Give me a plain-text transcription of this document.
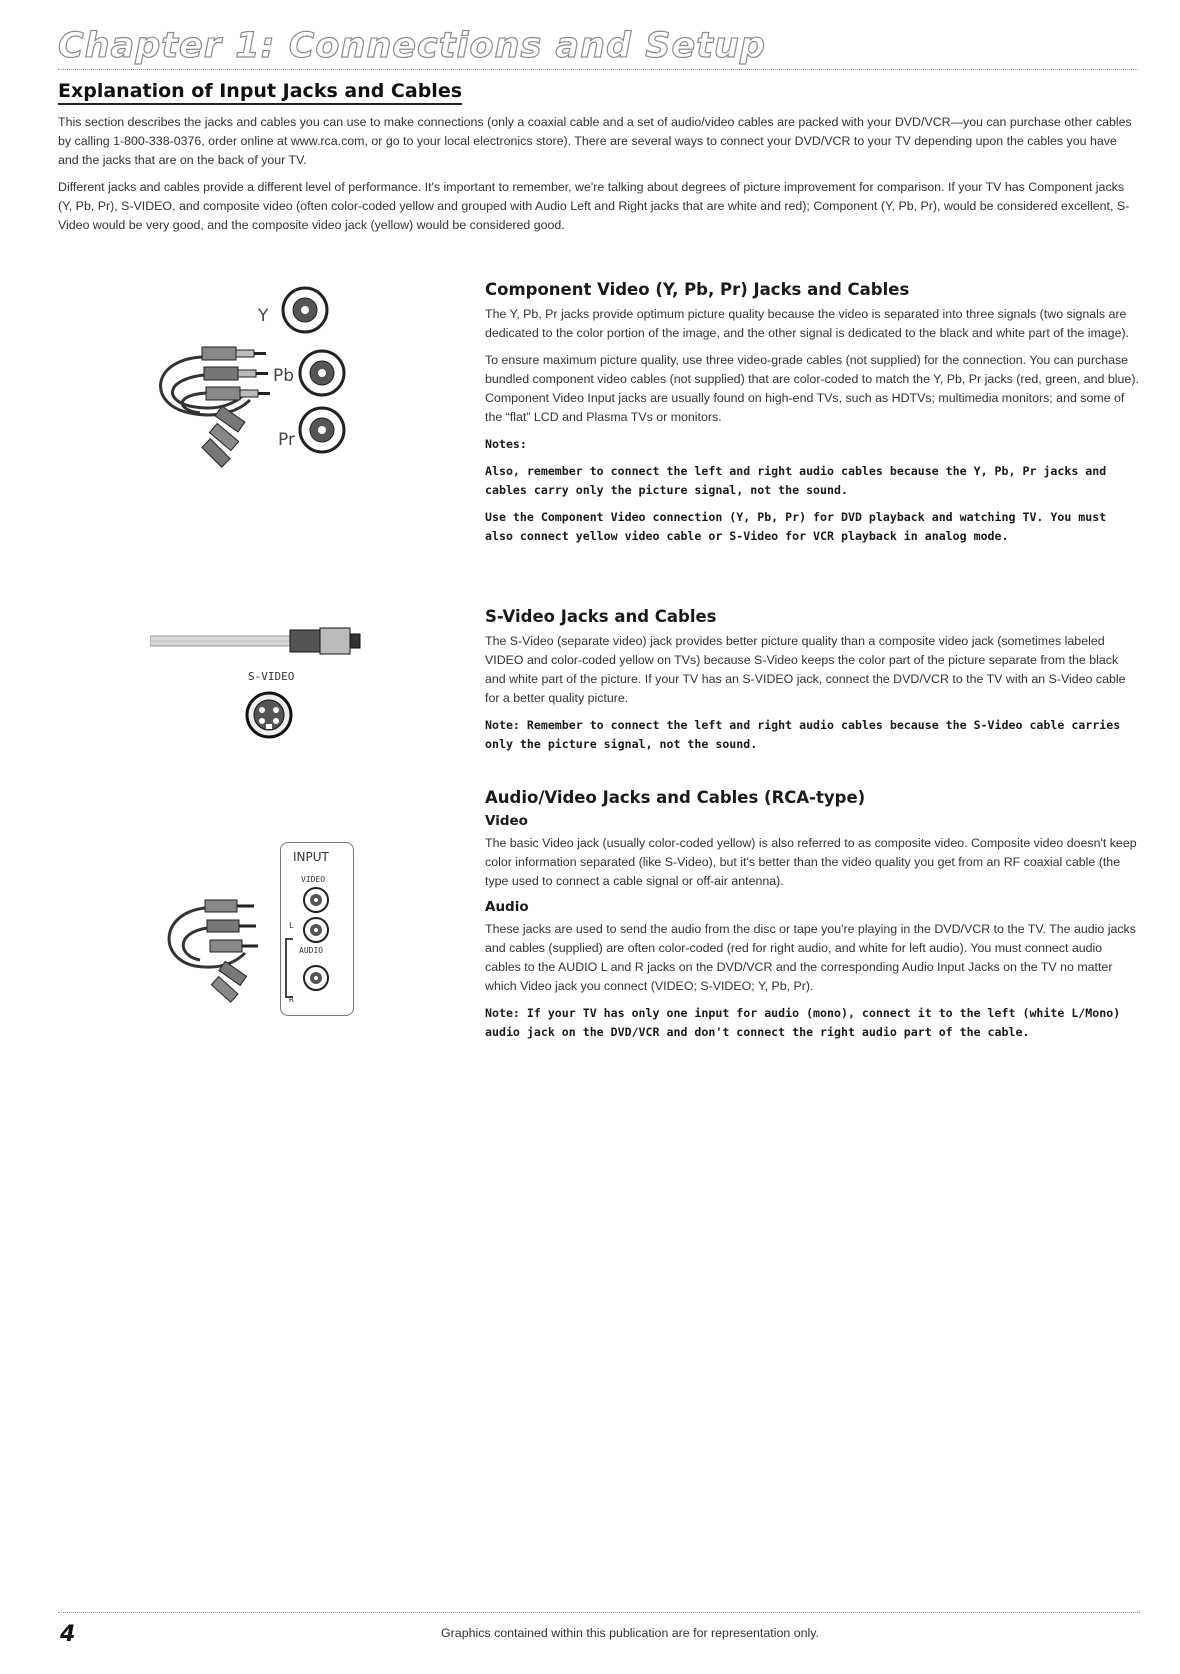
Chapter 1: Connections and Setup
Explanation of Input Jacks and Cables

This section describes the jacks and cables you can use to make connections (only a coaxial cable and a set of audio/video cables are packed with your DVD/VCR—you can purchase other cables by calling 1-800-338-0376, order online at www.rca.com, or go to your local electronics store). There are several ways to connect your DVD/VCR to your TV depending upon the cables you have and the jacks that are on the back of your TV.

Different jacks and cables provide a different level of performance. It's important to remember, we're talking about degrees of picture improvement for comparison. If your TV has Component jacks (Y, Pb, Pr), S-VIDEO, and composite video (often color-coded yellow and grouped with Audio Left and Right jacks that are white and red); Component (Y, Pb, Pr), would be considered excellent, S-Video would be very good, and the composite video jack (yellow) would be considered good.

Y
Pb
Pr
S-VIDEO
INPUT
VIDEO
L
AUDIO
R
Component Video (Y, Pb, Pr) Jacks and Cables

The Y, Pb, Pr jacks provide optimum picture quality because the video is separated into three signals (two signals are dedicated to the color portion of the image, and the other signal is dedicated to the black and white part of the image).

To ensure maximum picture quality, use three video-grade cables (not supplied) for the connection. You can purchase bundled component video cables (not supplied) that are color-coded to match the Y, Pb, Pr jacks (red, green, and blue). Component Video Input jacks are usually found on high-end TVs, such as HDTVs; multimedia monitors; and some of the “flat” LCD and Plasma TVs or monitors.

Notes:

Also, remember to connect the left and right audio cables because the Y, Pb, Pr jacks and cables carry only the picture signal, not the sound.

Use the Component Video connection (Y, Pb, Pr) for DVD playback and watching TV. You must also connect yellow video cable or S-Video for VCR playback in analog mode.

S-Video Jacks and Cables

The S-Video (separate video) jack provides better picture quality than a composite video jack (sometimes labeled VIDEO and color-coded yellow on TVs) because S-Video keeps the color part of the picture separate from the black and white part of the picture. If your TV has an S-VIDEO jack, connect the DVD/VCR to the TV with an S-Video cable for a better quality picture.

Note: Remember to connect the left and right audio cables because the S-Video cable carries only the picture signal, not the sound.

Audio/Video Jacks and Cables (RCA-type)
Video

The basic Video jack (usually color-coded yellow) is also referred to as composite video. Composite video doesn't keep color information separated (like S-Video), but it's better than the video quality you get from an RF coaxial cable (the type used to connect a cable signal or off-air antenna).

Audio

These jacks are used to send the audio from the disc or tape you're playing in the DVD/VCR to the TV. The audio jacks and cables (supplied) are often color-coded (red for right audio, and white for left audio). You must connect audio cables to the AUDIO L and R jacks on the DVD/VCR and the corresponding Audio Input Jacks on the TV no matter which Video jack you connect (VIDEO; S-VIDEO; Y, Pb, Pr).

Note: If your TV has only one input for audio (mono), connect it to the left (white L/Mono) audio jack on the DVD/VCR and don't connect the right audio part of the cable.

4	Graphics contained within this publication are for representation only.
